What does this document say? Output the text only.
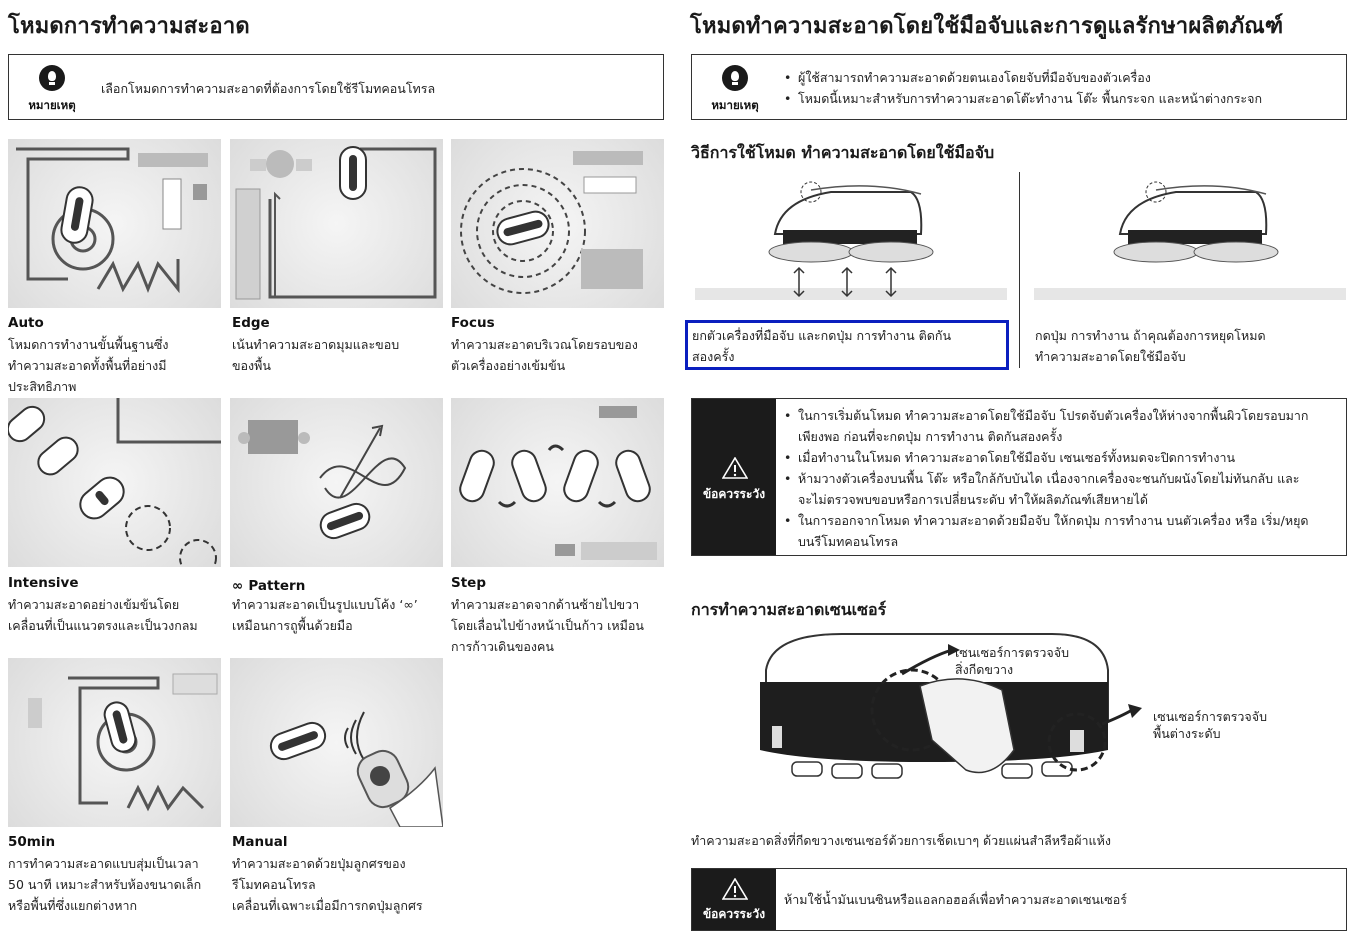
โหมดการทำความสะอาด
หมายเหตุ
เลือกโหมดการทำความสะอาดที่ต้องการโดยใช้รีโมทคอนโทรล
Auto
โหมดการทำงานขั้นพื้นฐานซึ่ง
ทำความสะอาดทั้งพื้นที่อย่างมี
ประสิทธิภาพ
Edge
เน้นทำความสะอาดมุมและขอบ
ของพื้น
Focus
ทำความสะอาดบริเวณโดยรอบของ
ตัวเครื่องอย่างเข้มข้น
Intensive
ทำความสะอาดอย่างเข้มข้นโดย
เคลื่อนที่เป็นแนวตรงและเป็นวงกลม
∞ Pattern
ทำความสะอาดเป็นรูปแบบโค้ง ‘∞’
เหมือนการถูพื้นด้วยมือ
Step
ทำความสะอาดจากด้านซ้ายไปขวา
โดยเลื่อนไปข้างหน้าเป็นก้าว เหมือน
การก้าวเดินของคน
50min
การทำความสะอาดแบบสุ่มเป็นเวลา
50 นาที เหมาะสำหรับห้องขนาดเล็ก
หรือพื้นที่ซึ่งแยกต่างหาก
Manual
ทำความสะอาดด้วยปุ่มลูกศรของ
รีโมทคอนโทรล
เคลื่อนที่เฉพาะเมื่อมีการกดปุ่มลูกศร
โหมดทำความสะอาดโดยใช้มือจับและการดูแลรักษาผลิตภัณฑ์
หมายเหตุ
• ผู้ใช้สามารถทำความสะอาดด้วยตนเองโดยจับที่มือจับของตัวเครื่อง
• โหมดนี้เหมาะสำหรับการทำความสะอาดโต๊ะทำงาน โต๊ะ พื้นกระจก และหน้าต่างกระจก
วิธีการใช้โหมด ทำความสะอาดโดยใช้มือจับ
ยกตัวเครื่องที่มือจับ และกดปุ่ม การทำงาน ติดกัน
สองครั้ง
กดปุ่ม การทำงาน ถ้าคุณต้องการหยุดโหมด
ทำความสะอาดโดยใช้มือจับ
ข้อควรระวัง
• ในการเริ่มต้นโหมด ทำความสะอาดโดยใช้มือจับ โปรดจับตัวเครื่องให้ห่างจากพื้นผิวโดยรอบมาก
เพียงพอ ก่อนที่จะกดปุ่ม การทำงาน ติดกันสองครั้ง
• เมื่อทำงานในโหมด ทำความสะอาดโดยใช้มือจับ เซนเซอร์ทั้งหมดจะปิดการทำงาน
• ห้ามวางตัวเครื่องบนพื้น โต๊ะ หรือใกล้กับบันได เนื่องจากเครื่องจะชนกับผนังโดยไม่ทันกลับ และ
จะไม่ตรวจพบขอบหรือการเปลี่ยนระดับ ทำให้ผลิตภัณฑ์เสียหายได้
• ในการออกจากโหมด ทำความสะอาดด้วยมือจับ ให้กดปุ่ม การทำงาน บนตัวเครื่อง หรือ เริ่ม/หยุด
บนรีโมทคอนโทรล
การทำความสะอาดเซนเซอร์
เซนเซอร์การตรวจจับ
สิ่งกีดขวาง
เซนเซอร์การตรวจจับ
พื้นต่างระดับ
ทำความสะอาดสิ่งที่กีดขวางเซนเซอร์ด้วยการเช็ดเบาๆ ด้วยแผ่นสำลีหรือผ้าแห้ง
ข้อควรระวัง
ห้ามใช้น้ำมันเบนซินหรือแอลกอฮอล์เพื่อทำความสะอาดเซนเซอร์
